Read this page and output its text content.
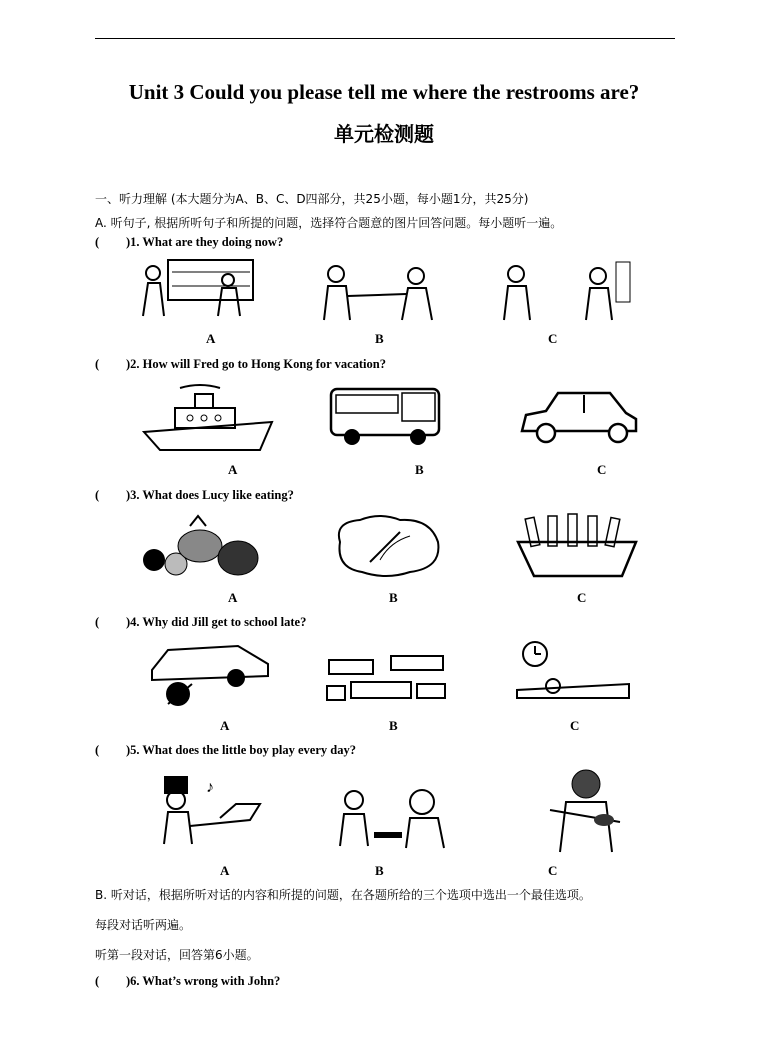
Unit 3 Could you please tell me where the restrooms are?
单元检测题
一、听力理解 (本大题分为A、B、C、D四部分，共25小题，每小题1分，共25分)
A. 听句子, 根据所听句子和所提的问题，选择符合题意的图片回答问题。每小题听一遍。
( )1. What are they doing now?
A	B	C
( )2. How will Fred go to Hong Kong for vacation?
A	B	C
( )3. What does Lucy like eating?
A	B	C
( )4. Why did Jill get to school late?
A	B	C
( )5. What does the little boy play every day?
♪
A	B	C
B. 听对话，根据所听对话的内容和所提的问题，在各题所给的三个选项中选出一个最佳选项。
每段对话听两遍。
听第一段对话，回答第6小题。
( )6. What’s wrong with John?
